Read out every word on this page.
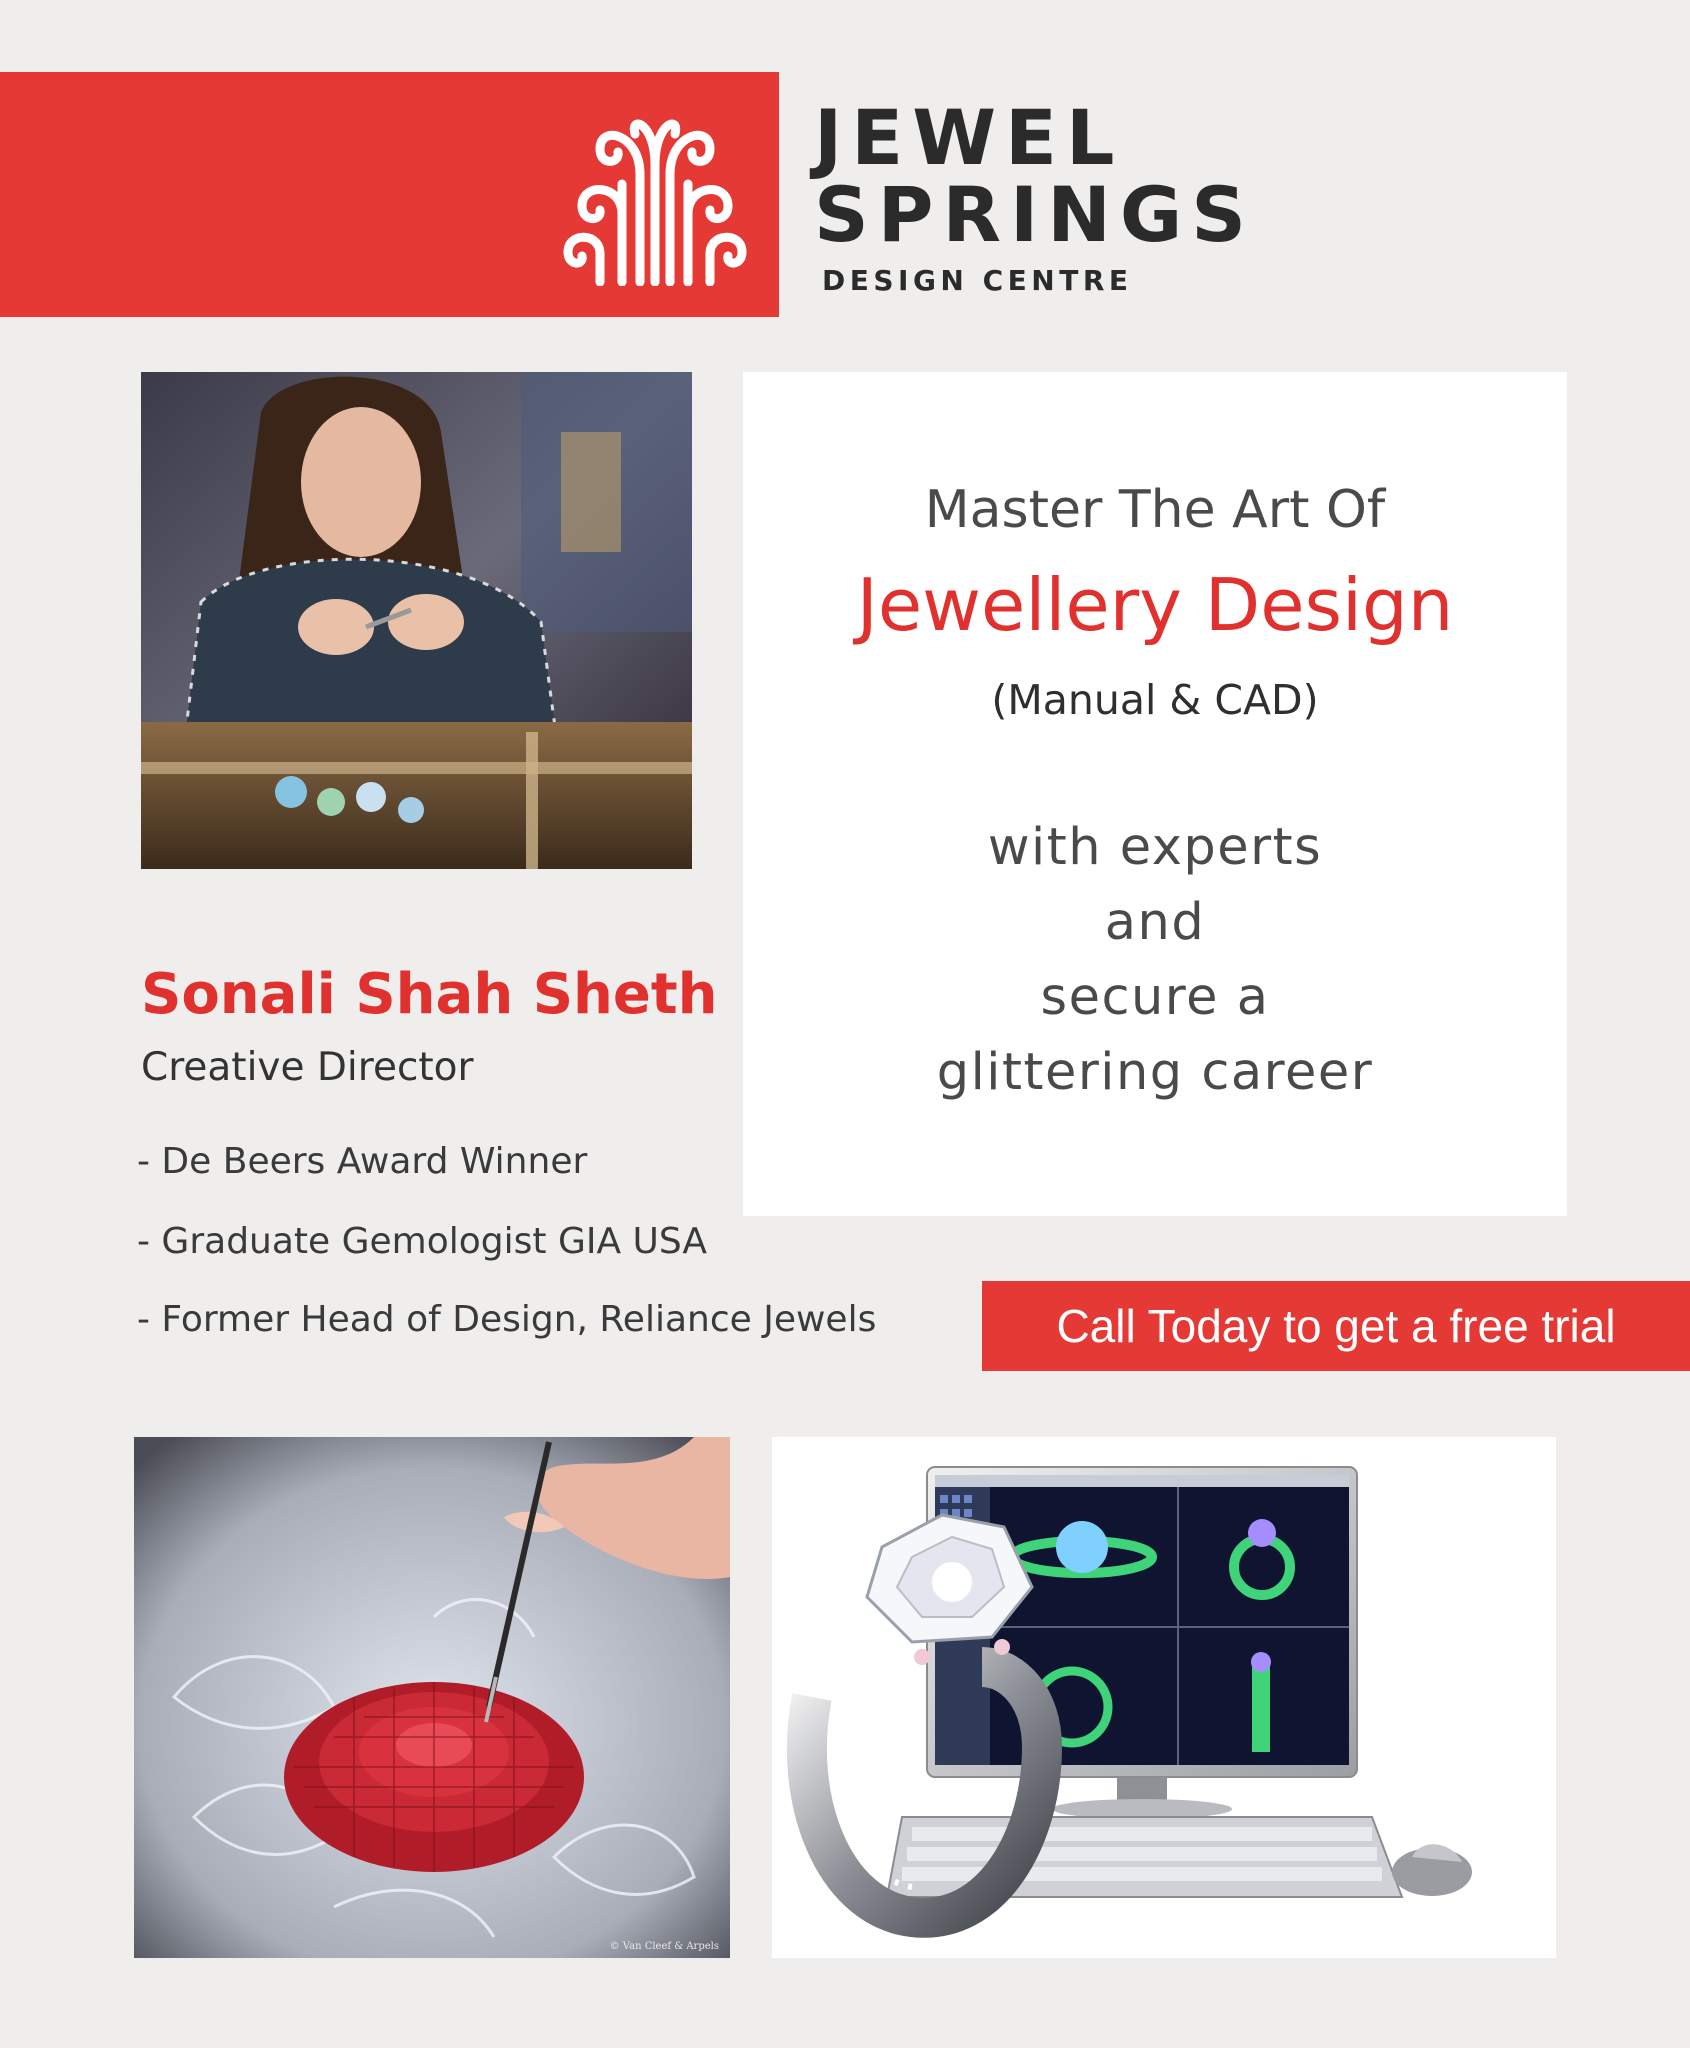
JEWEL
SPRINGS
DESIGN CENTRE
Master The Art Of
Jewellery Design
(Manual & CAD)
with experts
and
secure a
glittering career
Sonali Shah Sheth
Creative Director
- De Beers Award Winner
- Graduate Gemologist GIA USA
- Former Head of Design, Reliance Jewels	Call Today to get a free trial
© Van Cleef & Arpels
